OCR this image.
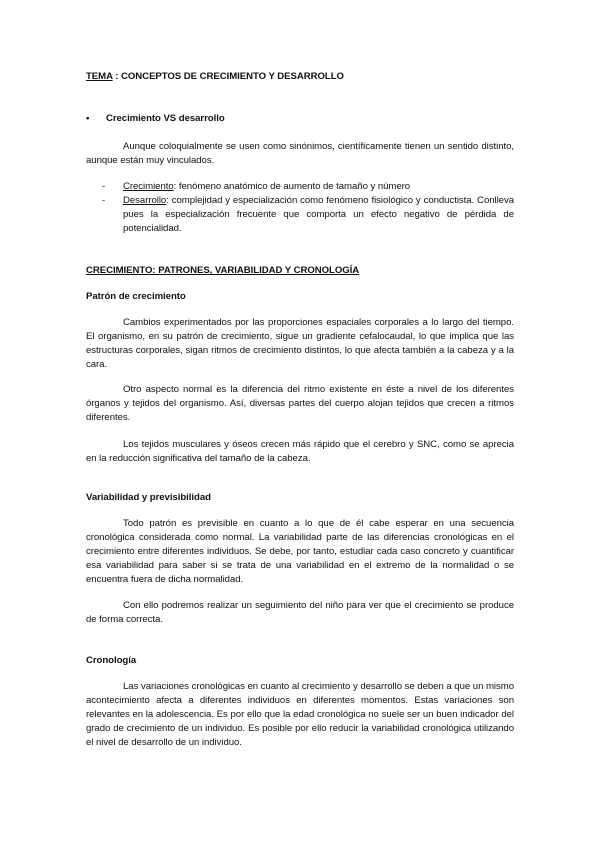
TEMA : CONCEPTOS DE CRECIMIENTO Y DESARROLLO
• Crecimiento VS desarrollo
Aunque coloquialmente se usen como sinónimos, científicamente tienen un sentido distinto, aunque están muy vinculados.
- Crecimiento: fenómeno anatómico de aumento de tamaño y número
- Desarrollo: complejidad y especialización como fenómeno fisiológico y conductista. Conlleva pues la especialización frecuente que comporta un efecto negativo de pérdida de potencialidad.
CRECIMIENTO: PATRONES, VARIABILIDAD Y CRONOLOGÍA
Patrón de crecimiento
Cambios experimentados por las proporciones espaciales corporales a lo largo del tiempo. El organismo, en su patrón de crecimiento, sigue un gradiente cefalocaudal, lo que implica que las estructuras corporales, sigan ritmos de crecimiento distintos, lo que afecta también a la cabeza y a la cara.
Otro aspecto normal es la diferencia del ritmo existente en éste a nivel de los diferentes órganos y tejidos del organismo. Así, diversas partes del cuerpo alojan tejidos que crecen a ritmos diferentes.
Los tejidos musculares y óseos crecen más rápido que el cerebro y SNC, como se aprecia en la reducción significativa del tamaño de la cabeza.
Variabilidad y previsibilidad
Todo patrón es previsible en cuanto a lo que de él cabe esperar en una secuencia cronológica considerada como normal. La variabilidad parte de las diferencias cronológicas en el crecimiento entre diferentes individuos. Se debe, por tanto, estudiar cada caso concreto y cuantificar esa variabilidad para saber si se trata de una variabilidad en el extremo de la normalidad o se encuentra fuera de dicha normalidad.
Con ello podremos realizar un seguimiento del niño para ver que el crecimiento se produce de forma correcta.
Cronología
Las variaciones cronológicas en cuanto al crecimiento y desarrollo se deben a que un mismo acontecimiento afecta a diferentes individuos en diferentes momentos. Estas variaciones son relevantes en la adolescencia. Es por ello que la edad cronológica no suele ser un buen indicador del grado de crecimiento de un individuo. Es posible por ello reducir la variabilidad cronológica utilizando el nivel de desarrollo de un individuo.
